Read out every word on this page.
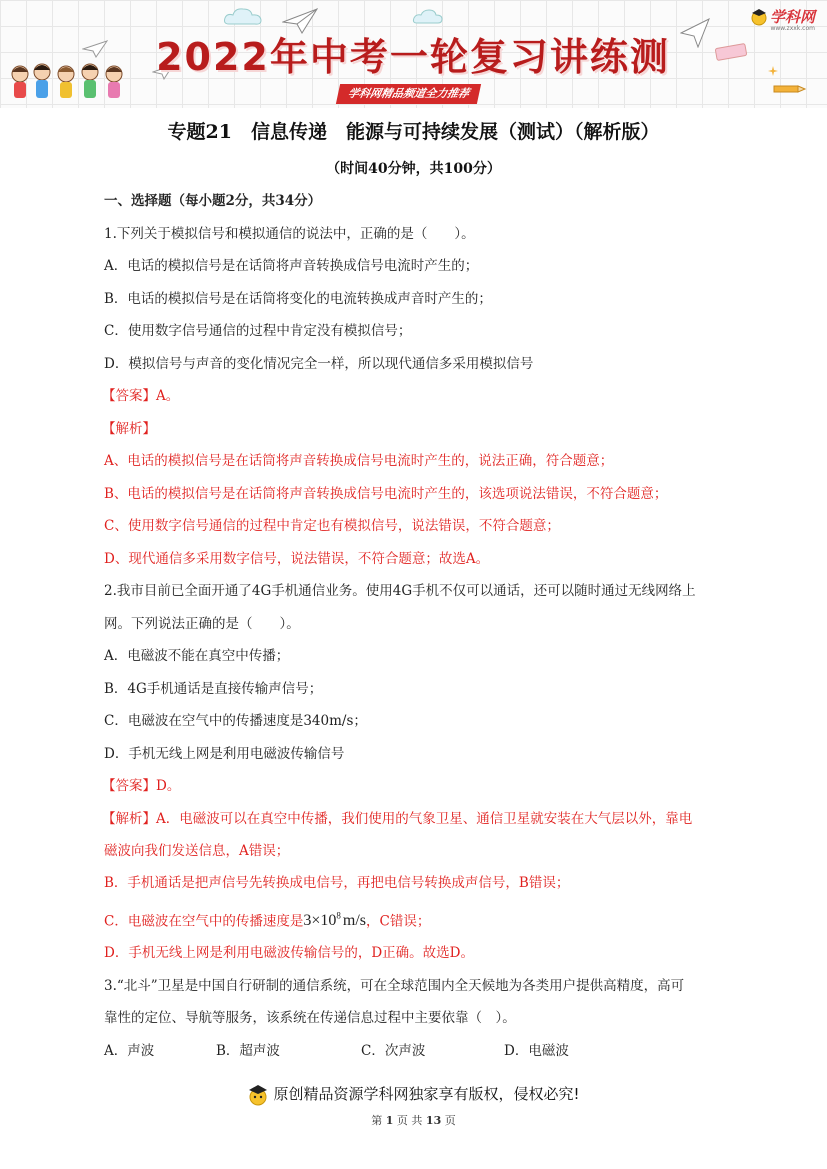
2022年中考一轮复习讲练测
学科网精品频道全力推荐
学科网
www.zxxk.com
专题21　信息传递　能源与可持续发展（测试）（解析版）
（时间40分钟，共100分）

一、选择题（每小题2分，共34分）

1.下列关于模拟信号和模拟通信的说法中，正确的是（　　）。

A．电话的模拟信号是在话筒将声音转换成信号电流时产生的；

B．电话的模拟信号是在话筒将变化的电流转换成声音时产生的；

C．使用数字信号通信的过程中肯定没有模拟信号；

D．模拟信号与声音的变化情况完全一样，所以现代通信多采用模拟信号

【答案】A。

【解析】

A、电话的模拟信号是在话筒将声音转换成信号电流时产生的，说法正确，符合题意；

B、电话的模拟信号是在话筒将声音转换成信号电流时产生的，该选项说法错误，不符合题意；

C、使用数字信号通信的过程中肯定也有模拟信号，说法错误，不符合题意；

D、现代通信多采用数字信号，说法错误，不符合题意；故选A。

2.我市目前已全面开通了4G手机通信业务。使用4G手机不仅可以通话，还可以随时通过无线网络上

网。下列说法正确的是（　　）。

A．电磁波不能在真空中传播；

B．4G手机通话是直接传输声信号；

C．电磁波在空气中的传播速度是340m/s；

D．手机无线上网是利用电磁波传输信号

【答案】D。

【解析】A．电磁波可以在真空中传播，我们使用的气象卫星、通信卫星就安装在大气层以外，靠电

磁波向我们发送信息，A错误；

B．手机通话是把声信号先转换成电信号，再把电信号转换成声信号，B错误；

C．电磁波在空气中的传播速度是$3\times 10^8$ m/s，C错误；

D．手机无线上网是利用电磁波传输信号的，D正确。故选D。

3.“北斗”卫星是中国自行研制的通信系统，可在全球范围内全天候地为各类用户提供高精度，高可

靠性的定位、导航等服务，该系统在传递信息过程中主要依靠（　）。

A．声波	B．超声波	C．次声波	D．电磁波
原创精品资源学科网独家享有版权，侵权必究!
第 1 页 共 13 页
